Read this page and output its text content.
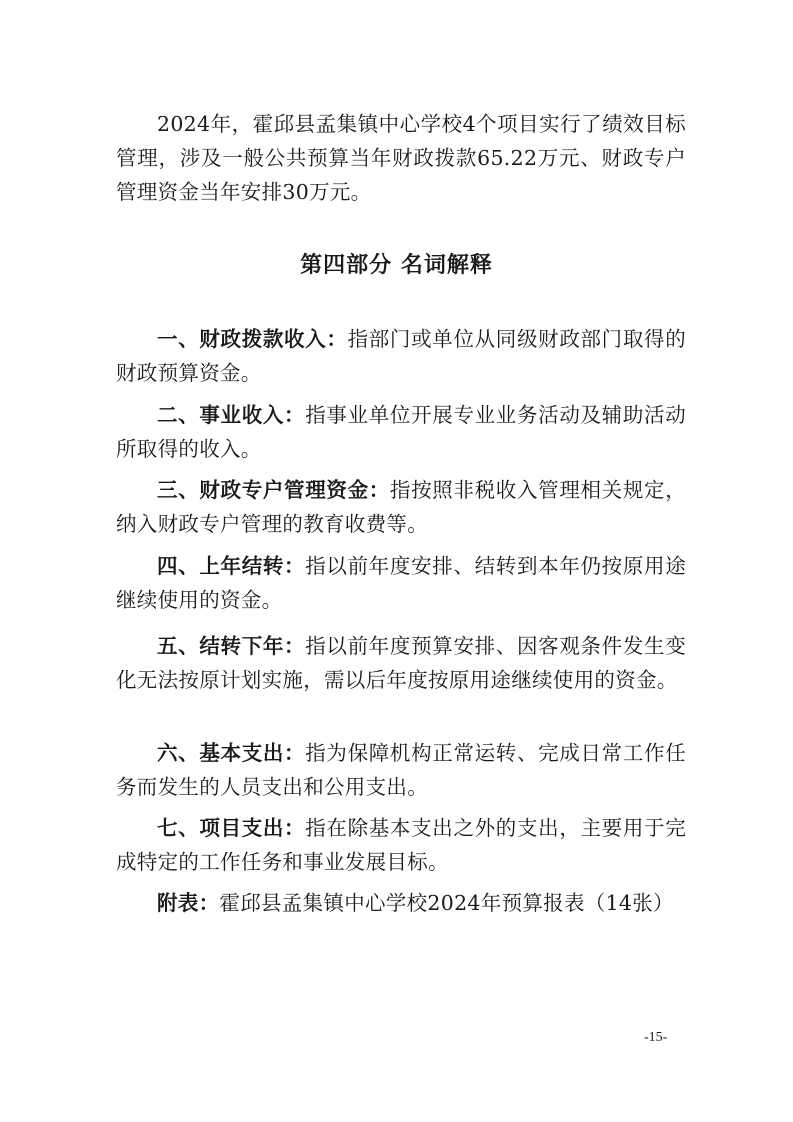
2024年，霍邱县孟集镇中心学校4个项目实行了绩效目标管理，涉及一般公共预算当年财政拨款65.22万元、财政专户管理资金当年安排30万元。

第四部分 名词解释

一、财政拨款收入：指部门或单位从同级财政部门取得的财政预算资金。

二、事业收入：指事业单位开展专业业务活动及辅助活动所取得的收入。

三、财政专户管理资金：指按照非税收入管理相关规定，纳入财政专户管理的教育收费等。

四、上年结转：指以前年度安排、结转到本年仍按原用途继续使用的资金。

五、结转下年：指以前年度预算安排、因客观条件发生变化无法按原计划实施，需以后年度按原用途继续使用的资金。

六、基本支出：指为保障机构正常运转、完成日常工作任务而发生的人员支出和公用支出。

七、项目支出：指在除基本支出之外的支出，主要用于完成特定的工作任务和事业发展目标。

附表：霍邱县孟集镇中心学校2024年预算报表（14张）

-15-
